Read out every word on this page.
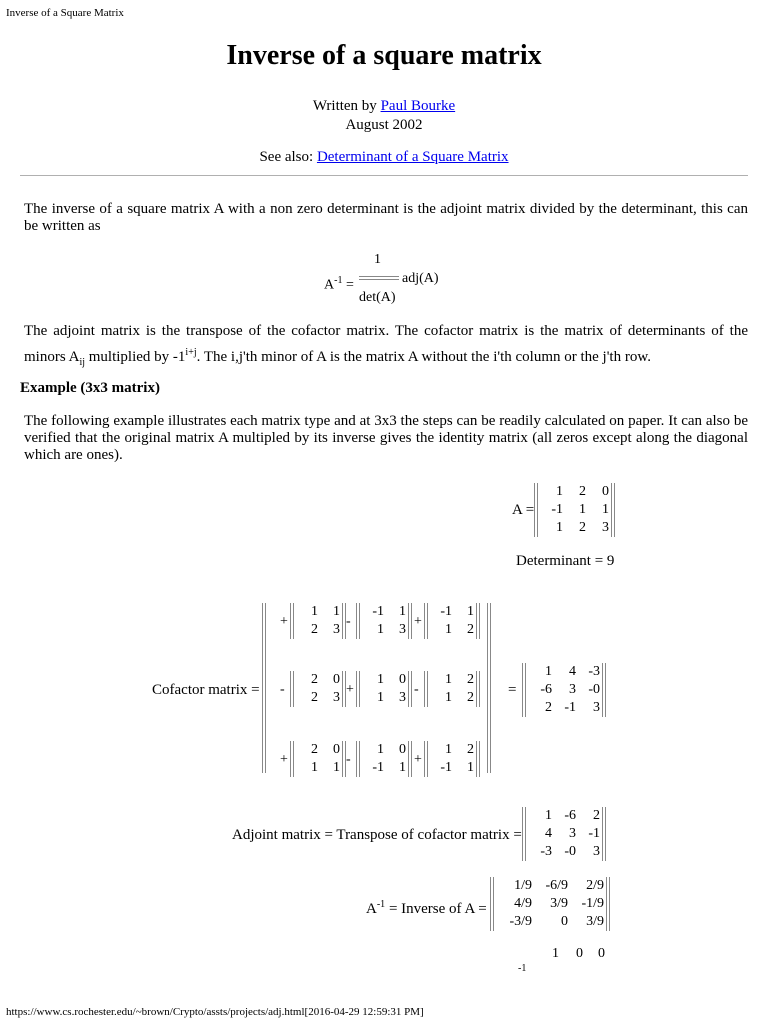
Inverse of a Square Matrix
Inverse of a square matrix
Written by Paul Bourke
August 2002
See also: Determinant of a Square Matrix
The inverse of a square matrix A with a non zero determinant is the adjoint matrix divided by the determinant, this can be written as
$A^{-1}$ =
1
adj(A)
det(A)
The adjoint matrix is the transpose of the cofactor matrix. The cofactor matrix is the matrix of determinants of the minors $A_{ij}$ multiplied by $-1^{i+j}$. The i,j'th minor of A is the matrix A without the i'th column or the j'th row.
Example (3x3 matrix)
The following example illustrates each matrix type and at 3x3 the steps can be readily calculated on paper. It can also be verified that the original matrix A multipled by its inverse gives the identity matrix (all zeros except along the diagonal which are ones).
A =
1	2	0
-1	1	1
1	2	3
Determinant = 9
Cofactor matrix =
+
1	1
2	3
-
-1	1
1	3
+
-1	1
1	2
-
2	0
2	3
+
1	0
1	3
-
1	2
1	2
+
2	0
1	1
-
1	0
-1	1
+
1	2
-1	1
=
1	4 -3
-6	3 -0
2 -1	3
Adjoint matrix = Transpose of cofactor matrix =
1 -6	2
4	3 -1
-3 -0	3
$A^{-1}$ = Inverse of A =
1/9 -6/9	2/9
4/9	3/9 -1/9
-3/9	0	3/9
1 0 0
-1
https://www.cs.rochester.edu/~brown/Crypto/assts/projects/adj.html[2016-04-29 12:59:31 PM]
